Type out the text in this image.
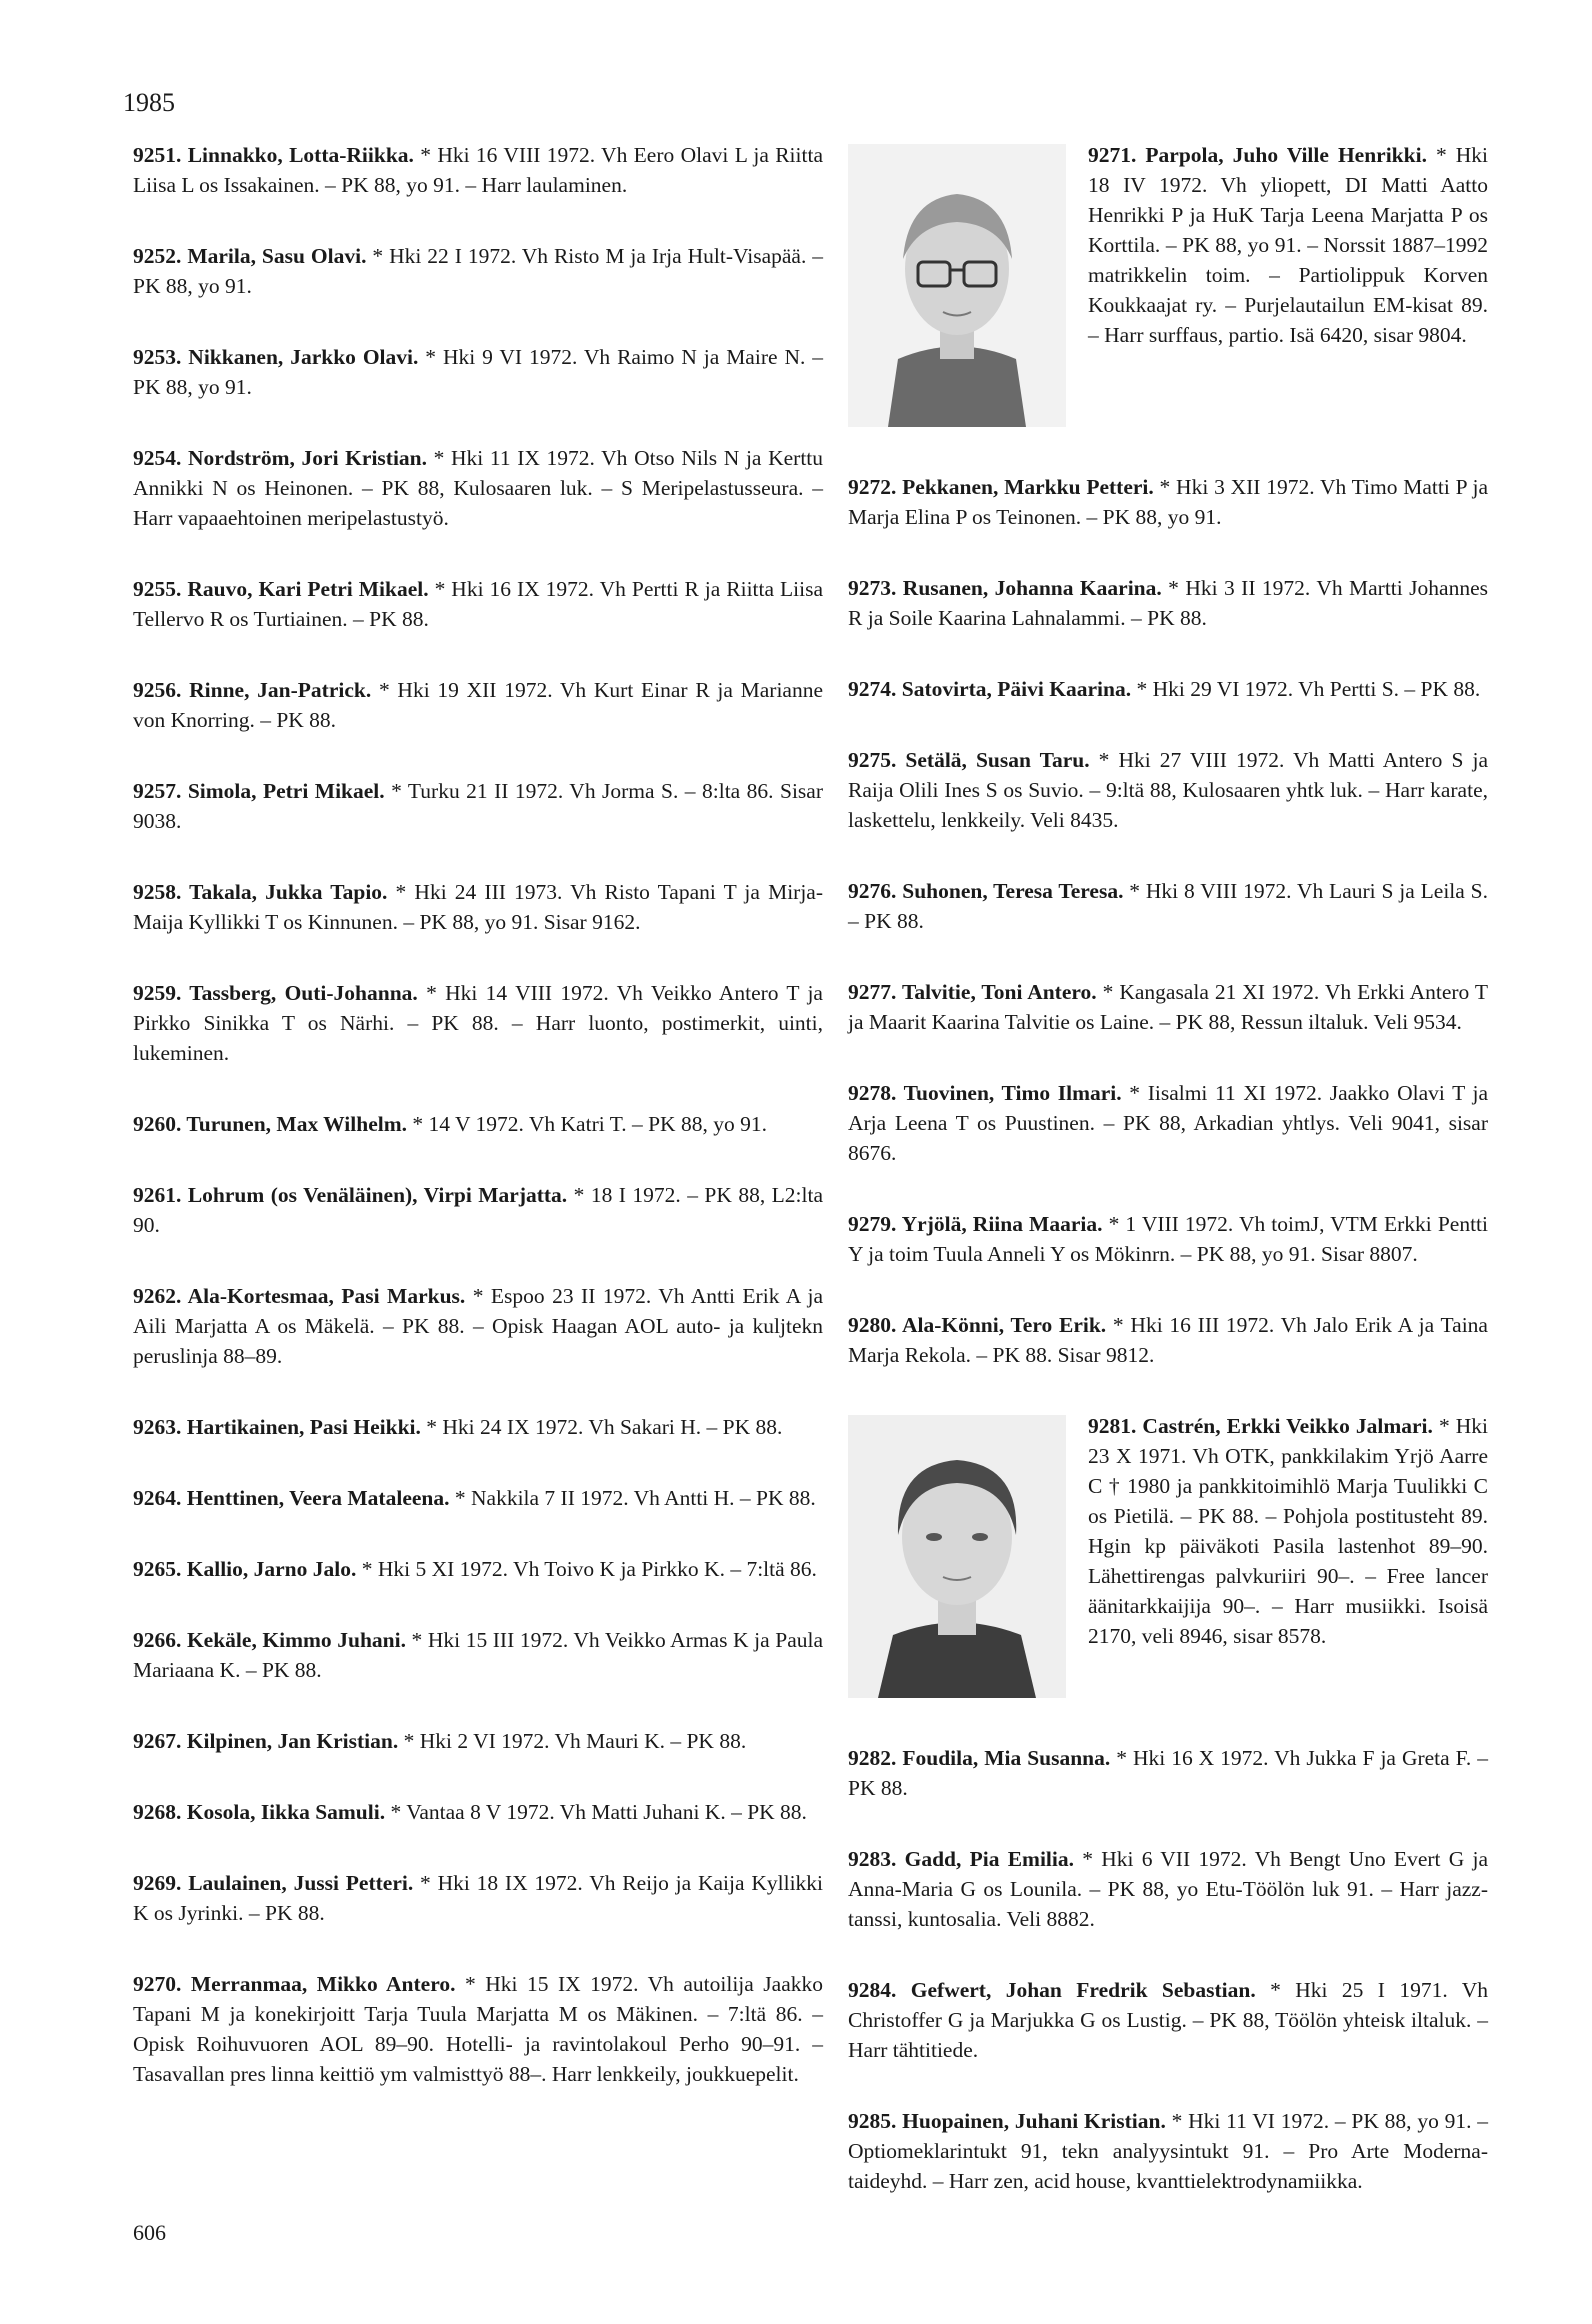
1985
9251. Linnakko, Lotta-Riikka. * Hki 16 VIII 1972. Vh Eero Olavi L ja Riitta Liisa L os Issakainen. – PK 88, yo 91. – Harr laulaminen.
9252. Marila, Sasu Olavi. * Hki 22 I 1972. Vh Risto M ja Irja Hult-Visapää. – PK 88, yo 91.
9253. Nikkanen, Jarkko Olavi. * Hki 9 VI 1972. Vh Raimo N ja Maire N. – PK 88, yo 91.
9254. Nordström, Jori Kristian. * Hki 11 IX 1972. Vh Otso Nils N ja Kerttu Annikki N os Heinonen. – PK 88, Kulosaaren luk. – S Meripelastusseura. – Harr vapaaehtoinen meripelastustyö.
9255. Rauvo, Kari Petri Mikael. * Hki 16 IX 1972. Vh Pertti R ja Riitta Liisa Tellervo R os Turtiainen. – PK 88.
9256. Rinne, Jan-Patrick. * Hki 19 XII 1972. Vh Kurt Einar R ja Marianne von Knorring. – PK 88.
9257. Simola, Petri Mikael. * Turku 21 II 1972. Vh Jorma S. – 8:lta 86. Sisar 9038.
9258. Takala, Jukka Tapio. * Hki 24 III 1973. Vh Risto Tapani T ja Mirja-Maija Kyllikki T os Kinnunen. – PK 88, yo 91. Sisar 9162.
9259. Tassberg, Outi-Johanna. * Hki 14 VIII 1972. Vh Veikko Antero T ja Pirkko Sinikka T os Närhi. – PK 88. – Harr luonto, postimerkit, uinti, lukeminen.
9260. Turunen, Max Wilhelm. * 14 V 1972. Vh Katri T. – PK 88, yo 91.
9261. Lohrum (os Venäläinen), Virpi Marjatta. * 18 I 1972. – PK 88, L2:lta 90.
9262. Ala-Kortesmaa, Pasi Markus. * Espoo 23 II 1972. Vh Antti Erik A ja Aili Marjatta A os Mäkelä. – PK 88. – Opisk Haagan AOL auto- ja kuljtekn peruslinja 88–89.
9263. Hartikainen, Pasi Heikki. * Hki 24 IX 1972. Vh Sakari H. – PK 88.
9264. Henttinen, Veera Mataleena. * Nakkila 7 II 1972. Vh Antti H. – PK 88.
9265. Kallio, Jarno Jalo. * Hki 5 XI 1972. Vh Toivo K ja Pirkko K. – 7:ltä 86.
9266. Kekäle, Kimmo Juhani. * Hki 15 III 1972. Vh Veikko Armas K ja Paula Mariaana K. – PK 88.
9267. Kilpinen, Jan Kristian. * Hki 2 VI 1972. Vh Mauri K. – PK 88.
9268. Kosola, Iikka Samuli. * Vantaa 8 V 1972. Vh Matti Juhani K. – PK 88.
9269. Laulainen, Jussi Petteri. * Hki 18 IX 1972. Vh Reijo ja Kaija Kyllikki K os Jyrinki. – PK 88.
9270. Merranmaa, Mikko Antero. * Hki 15 IX 1972. Vh autoilija Jaakko Tapani M ja konekirjoitt Tarja Tuula Marjatta M os Mäkinen. – 7:ltä 86. – Opisk Roihuvuoren AOL 89–90. Hotelli- ja ravintolakoul Perho 90–91. – Tasavallan pres linna keittiö ym valmisttyö 88–. Harr lenkkeily, joukkuepelit.
9271. Parpola, Juho Ville Henrikki. * Hki 18 IV 1972. Vh yliopett, DI Matti Aatto Henrikki P ja HuK Tarja Leena Marjatta P os Korttila. – PK 88, yo 91. – Norssit 1887–1992 matrikkelin toim. – Partiolippuk Korven Koukkaajat ry. – Purjelautailun EM-kisat 89. – Harr surffaus, partio. Isä 6420, sisar 9804.
9272. Pekkanen, Markku Petteri. * Hki 3 XII 1972. Vh Timo Matti P ja Marja Elina P os Teinonen. – PK 88, yo 91.
9273. Rusanen, Johanna Kaarina. * Hki 3 II 1972. Vh Martti Johannes R ja Soile Kaarina Lahnalammi. – PK 88.
9274. Satovirta, Päivi Kaarina. * Hki 29 VI 1972. Vh Pertti S. – PK 88.
9275. Setälä, Susan Taru. * Hki 27 VIII 1972. Vh Matti Antero S ja Raija Olili Ines S os Suvio. – 9:ltä 88, Kulosaaren yhtk luk. – Harr karate, laskettelu, lenkkeily. Veli 8435.
9276. Suhonen, Teresa Teresa. * Hki 8 VIII 1972. Vh Lauri S ja Leila S. – PK 88.
9277. Talvitie, Toni Antero. * Kangasala 21 XI 1972. Vh Erkki Antero T ja Maarit Kaarina Talvitie os Laine. – PK 88, Ressun iltaluk. Veli 9534.
9278. Tuovinen, Timo Ilmari. * Iisalmi 11 XI 1972. Jaakko Olavi T ja Arja Leena T os Puustinen. – PK 88, Arkadian yhtlys. Veli 9041, sisar 8676.
9279. Yrjölä, Riina Maaria. * 1 VIII 1972. Vh toimJ, VTM Erkki Pentti Y ja toim Tuula Anneli Y os Mökinrn. – PK 88, yo 91. Sisar 8807.
9280. Ala-Könni, Tero Erik. * Hki 16 III 1972. Vh Jalo Erik A ja Taina Marja Rekola. – PK 88. Sisar 9812.
9281. Castrén, Erkki Veikko Jalmari. * Hki 23 X 1971. Vh OTK, pankkilakim Yrjö Aarre C † 1980 ja pankkitoimihlö Marja Tuulikki C os Pietilä. – PK 88. – Pohjola postitusteht 89. Hgin kp päiväkoti Pasila lastenhot 89–90. Lähettirengas palvkuriiri 90–. – Free lancer äänitarkkaijija 90–. – Harr musiikki. Isoisä 2170, veli 8946, sisar 8578.
9282. Foudila, Mia Susanna. * Hki 16 X 1972. Vh Jukka F ja Greta F. – PK 88.
9283. Gadd, Pia Emilia. * Hki 6 VII 1972. Vh Bengt Uno Evert G ja Anna-Maria G os Lounila. – PK 88, yo Etu-Töölön luk 91. – Harr jazz-tanssi, kuntosalia. Veli 8882.
9284. Gefwert, Johan Fredrik Sebastian. * Hki 25 I 1971. Vh Christoffer G ja Marjukka G os Lustig. – PK 88, Töölön yhteisk iltaluk. – Harr tähtitiede.
9285. Huopainen, Juhani Kristian. * Hki 11 VI 1972. – PK 88, yo 91. – Optiomeklarintukt 91, tekn analyysintukt 91. – Pro Arte Moderna-taideyhd. – Harr zen, acid house, kvanttielektrodynamiikka.
606
